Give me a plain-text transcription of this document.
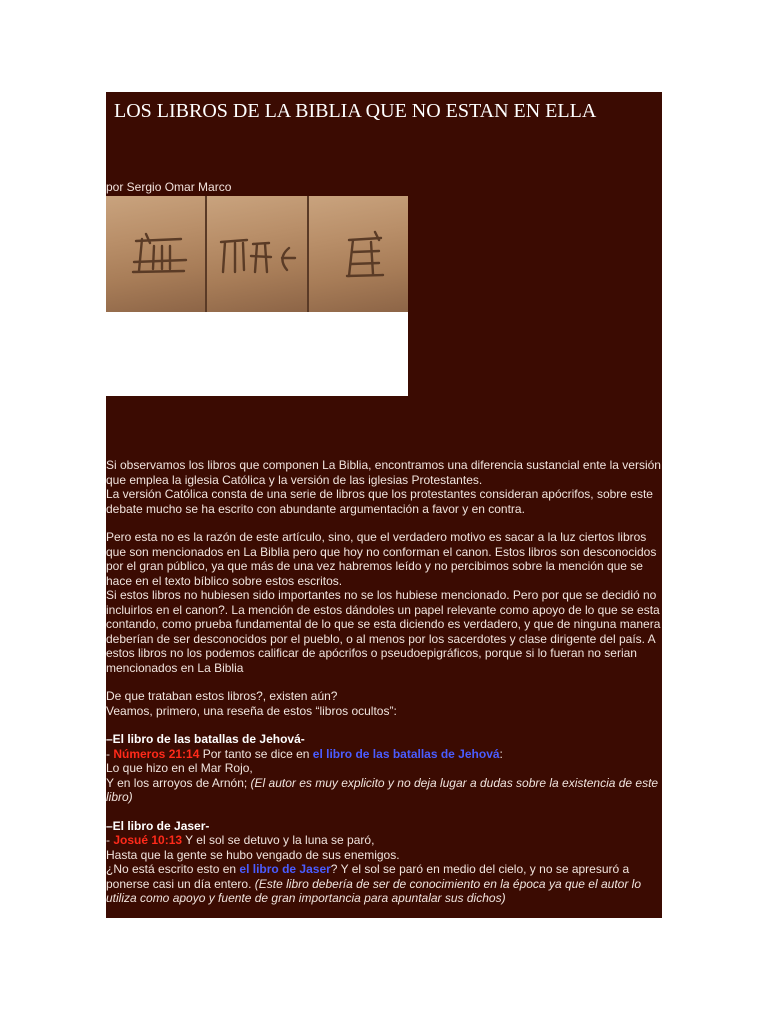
LOS LIBROS DE LA BIBLIA QUE NO ESTAN EN ELLA
por Sergio Omar Marco

Si observamos los libros que componen La Biblia, encontramos una diferencia sustancial ente la versión que emplea la iglesia Católica y la versión de las iglesias Protestantes.

La versión Católica consta de una serie de libros que los protestantes consideran apócrifos, sobre este debate mucho se ha escrito con abundante argumentación a favor y en contra.

Pero esta no es la razón de este artículo, sino, que el verdadero motivo es sacar a la luz ciertos libros que son mencionados en La Biblia pero que hoy no conforman el canon. Estos libros son desconocidos por el gran público, ya que más de una vez habremos leído y no percibimos sobre la mención que se hace en el texto bíblico sobre estos escritos.

Si estos libros no hubiesen sido importantes no se los hubiese mencionado. Pero por que se decidió no incluirlos en el canon?. La mención de estos dándoles un papel relevante como apoyo de lo que se esta contando, como prueba fundamental de lo que se esta diciendo es verdadero, y que de ninguna manera deberían de ser desconocidos por el pueblo, o al menos por los sacerdotes y clase dirigente del país. A estos libros no los podemos calificar de apócrifos o pseudoepigráficos, porque si lo fueran no serian mencionados en La Biblia

De que trataban estos libros?, existen aún?

Veamos, primero, una reseña de estos “libros ocultos”:

–El libro de las batallas de Jehová-

- Números 21:14 Por tanto se dice en el libro de las batallas de Jehová:

Lo que hizo en el Mar Rojo,

Y en los arroyos de Arnón; (El autor es muy explicito y no deja lugar a dudas sobre la existencia de este libro)

–El libro de Jaser-

- Josué 10:13 Y el sol se detuvo y la luna se paró,

Hasta que la gente se hubo vengado de sus enemigos.

¿No está escrito esto en el libro de Jaser? Y el sol se paró en medio del cielo, y no se apresuró a ponerse casi un día entero. (Este libro debería de ser de conocimiento en la época ya que el autor lo utiliza como apoyo y fuente de gran importancia para apuntalar sus dichos)
